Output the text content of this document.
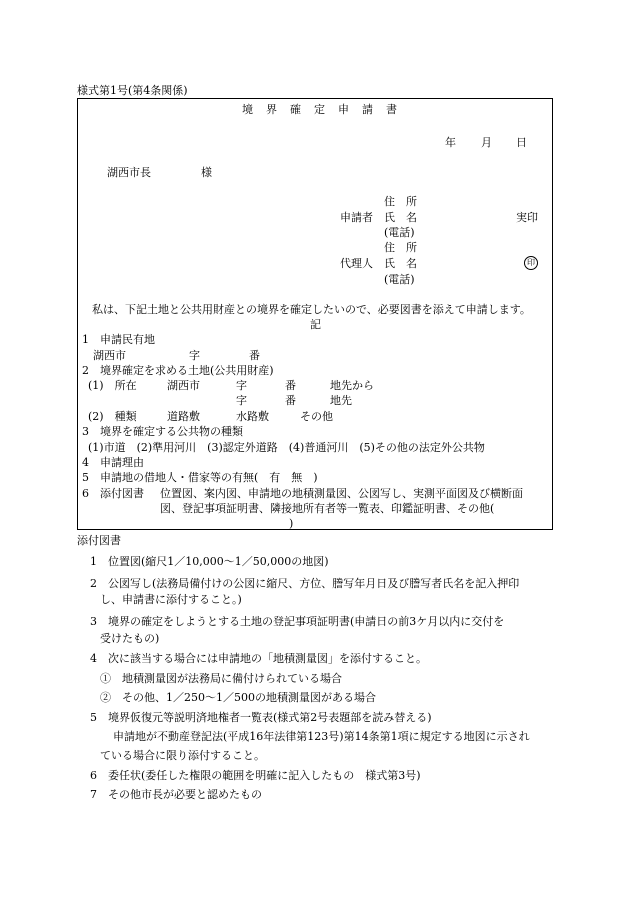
様式第1号(第4条関係)
境　界　確　定　申　請　書
年 月 日
湖西市長	様
住　所
申請者 氏　名	実印
(電話)
住　所
代理人 氏　名	印
(電話)
私は、下記土地と公共用財産との境界を確定したいので、必要図書を添えて申請します。
記
1　申請民有地
湖西市	字	番
2　境界確定を求める土地(公共用財産)
(1)　所在	湖西市	字	番	地先から
字	番	地先
(2)　種類	道路敷	水路敷	その他
3　境界を確定する公共物の種類
(1)市道　(2)準用河川　(3)認定外道路　(4)普通河川　(5)その他の法定外公共物
4　申請理由
5　申請地の借地人・借家等の有無(　有　無　)
6　添付図書 位置図、案内図、申請地の地積測量図、公図写し、実測平面図及び横断面
図、登記事項証明書、隣接地所有者等一覧表、印鑑証明書、その他(
)
添付図書
1　位置図(縮尺1／10,000～1／50,000の地図)
2　公図写し(法務局備付けの公図に縮尺、方位、謄写年月日及び謄写者氏名を記入押印
し、申請書に添付すること。)
3　境界の確定をしようとする土地の登記事項証明書(申請日の前3ケ月以内に交付を
受けたもの)
4　次に該当する場合には申請地の「地積測量図」を添付すること。
①　地積測量図が法務局に備付けられている場合
②　その他、1／250～1／500の地積測量図がある場合
5　境界仮復元等説明済地権者一覧表(様式第2号表題部を読み替える)
申請地が不動産登記法(平成16年法律第123号)第14条第1項に規定する地図に示され
ている場合に限り添付すること。
6　委任状(委任した権限の範囲を明確に記入したもの　様式第3号)
7　その他市長が必要と認めたもの
